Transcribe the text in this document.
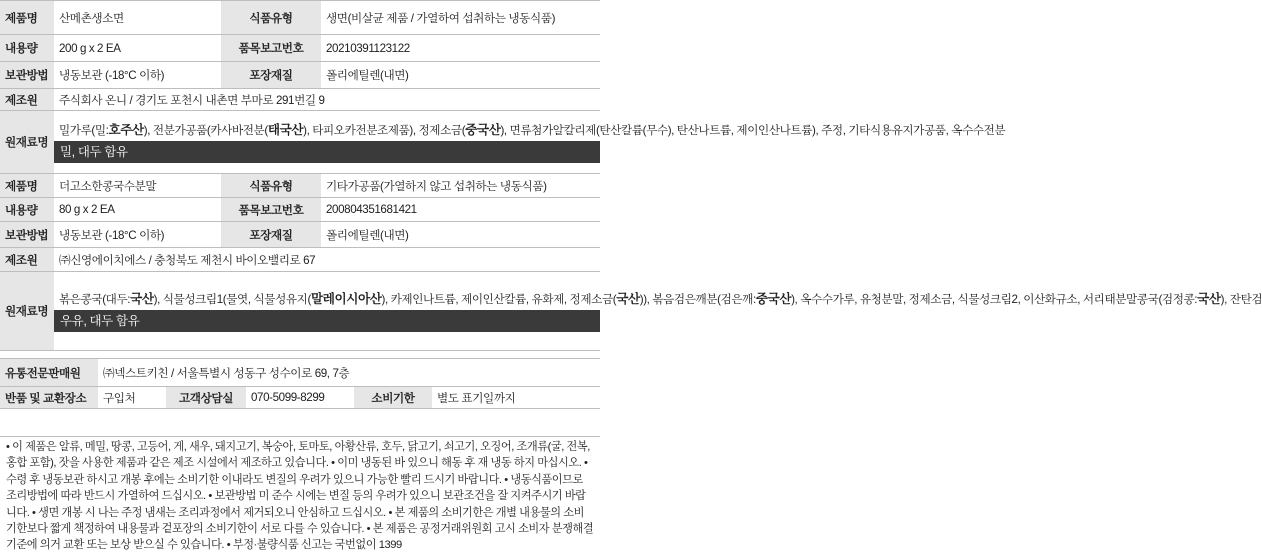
제품명	산메촌생소면	식품유형	생면(비살균 제품 / 가열하여 섭취하는 냉동식품)
내용량	200 g x 2 EA	품목보고번호	20210391123122
보관방법	냉동보관 (-18°C 이하)	포장재질	폴리에틸렌(내면)
제조원	주식회사 온니 / 경기도 포천시 내촌면 부마로 291번길 9		
원재료명	밀가루(밀:호주산), 전분가공품(카사바전분(태국산), 타피오카전분조제품), 정제소금(중국산), 면류첨가알칼리제(탄산칼륨(무수), 탄산나트륨, 제이인산나트륨), 주정, 기타식용유지가공품, 옥수수전분
밀, 대두 함유		
제품명	더고소한콩국수분말	식품유형	기타가공품(가열하지 않고 섭취하는 냉동식품)
내용량	80 g x 2 EA	품목보고번호	200804351681421
보관방법	냉동보관 (-18°C 이하)	포장재질	폴리에틸렌(내면)
제조원	㈜신영에이치에스 / 충청북도 제천시 바이오밸리로 67		
원재료명	볶은콩국(대두:국산), 식물성크림1(물엿, 식물성유지(말레이시아산), 카제인나트륨, 제이인산칼륨, 유화제, 정제소금(국산)), 볶음검은깨분(검은깨:중국산), 옥수수가루, 유청분말, 정제소금, 식물성크림2, 이산화규소, 서리태분말콩국(검정콩:국산), 잔탄검
우유, 대두 함유		
유통전문판매원	㈜넥스트키친 / 서울특별시 성동구 성수이로 69, 7층				
반품 및 교환장소	구입처	고객상담실	070-5099-8299	소비기한	별도 표기일까지
• 이 제품은 알류, 메밀, 땅콩, 고등어, 게, 새우, 돼지고기, 복숭아, 토마토, 아황산류, 호두, 닭고기, 쇠고기, 오징어, 조개류(굴, 전복, 홍합 포함), 잣을 사용한 제품과 같은 제조 시설에서 제조하고 있습니다. • 이미 냉동된 바 있으니 해동 후 재 냉동 하지 마십시오. • 수령 후 냉동보관 하시고 개봉 후에는 소비기한 이내라도 변질의 우려가 있으니 가능한 빨리 드시기 바랍니다. • 냉동식품이므로 조리방법에 따라 반드시 가열하여 드십시오. • 보관방법 미 준수 시에는 변질 등의 우려가 있으니 보관조건을 잘 지켜주시기 바랍니다. • 생면 개봉 시 나는 주정 냄새는 조리과정에서 제거되오니 안심하고 드십시오. • 본 제품의 소비기한은 개별 내용물의 소비기한보다 짧게 책정하여 내용물과 겉포장의 소비기한이 서로 다를 수 있습니다. • 본 제품은 공정거래위원회 고시 소비자 분쟁해결기준에 의거 교환 또는 보상 받으실 수 있습니다. • 부정·불량식품 신고는 국번없이 1399
